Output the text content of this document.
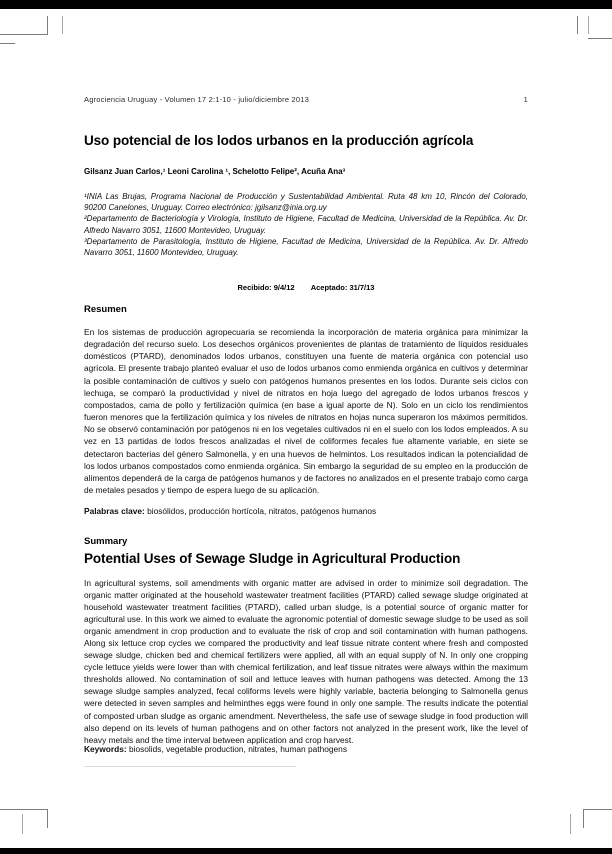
Agrociencia Uruguay - Volumen 17 2:1-10 - julio/diciembre 2013	1
Uso potencial de los lodos urbanos en la producción agrícola
Gilsanz Juan Carlos,¹ Leoni Carolina ¹, Schelotto Felipe², Acuña Ana³

¹INIA Las Brujas, Programa Nacional de Producción y Sustentabilidad Ambiental. Ruta 48 km 10, Rincón del Colorado, 90200 Canelones, Uruguay. Correo electrónico: jgilsanz@inia.org.uy

²Departamento de Bacteriología y Virología, Instituto de Higiene, Facultad de Medicina, Universidad de la República. Av. Dr. Alfredo Navarro 3051, 11600 Montevideo, Uruguay.

³Departamento de Parasitología, Instituto de Higiene, Facultad de Medicina, Universidad de la República. Av. Dr. Alfredo Navarro 3051, 11600 Montevideo, Uruguay.

Recibido: 9/4/12 Aceptado: 31/7/13
Resumen

En los sistemas de producción agropecuaria se recomienda la incorporación de materia orgánica para minimizar la degradación del recurso suelo. Los desechos orgánicos provenientes de plantas de tratamiento de líquidos residuales domésticos (PTARD), denominados lodos urbanos, constituyen una fuente de materia orgánica con potencial uso agrícola. El presente trabajo planteó evaluar el uso de lodos urbanos como enmienda orgánica en cultivos y determinar la posible contaminación de cultivos y suelo con patógenos humanos presentes en los lodos. Durante seis ciclos con lechuga, se comparó la productividad y nivel de nitratos en hoja luego del agregado de lodos urbanos frescos y compostados, cama de pollo y fertilización química (en base a igual aporte de N). Solo en un ciclo los rendimientos fueron menores que la fertilización química y los niveles de nitratos en hojas nunca superaron los máximos permitidos. No se observó contaminación por patógenos ni en los vegetales cultivados ni en el suelo con los lodos empleados. A su vez en 13 partidas de lodos frescos analizadas el nivel de coliformes fecales fue altamente variable, en siete se detectaron bacterias del género Salmonella, y en una huevos de helmintos. Los resultados indican la potencialidad de los lodos urbanos compostados como enmienda orgánica. Sin embargo la seguridad de su empleo en la producción de alimentos dependerá de la carga de patógenos humanos y de factores no analizados en el presente trabajo como carga de metales pesados y tiempo de espera luego de su aplicación.

Palabras clave: biosólidos, producción hortícola, nitratos, patógenos humanos
Summary
Potential Uses of Sewage Sludge in Agricultural Production

In agricultural systems, soil amendments with organic matter are advised in order to minimize soil degradation. The organic matter originated at the household wastewater treatment facilities (PTARD) called sewage sludge originated at household wastewater treatment facilities (PTARD), called urban sludge, is a potential source of organic matter for agricultural use. In this work we aimed to evaluate the agronomic potential of domestic sewage sludge to be used as soil organic amendment in crop production and to evaluate the risk of crop and soil contamination with human pathogens. Along six lettuce crop cycles we compared the productivity and leaf tissue nitrate content where fresh and composted sewage sludge, chicken bed and chemical fertilizers were applied, all with an equal supply of N. In only one cropping cycle lettuce yields were lower than with chemical fertilization, and leaf tissue nitrates were always within the maximum thresholds allowed. No contamination of soil and lettuce leaves with human pathogens was detected. Among the 13 sewage sludge samples analyzed, fecal coliforms levels were highly variable, bacteria belonging to Salmonella genus were detected in seven samples and helminthes eggs were found in only one sample. The results indicate the potential of composted urban sludge as organic amendment. Nevertheless, the safe use of sewage sludge in food production will also depend on its levels of human pathogens and on other factors not analyzed in the present work, like the level of heavy metals and the time interval between application and crop harvest.

Keywords: biosolids, vegetable production, nitrates, human pathogens
